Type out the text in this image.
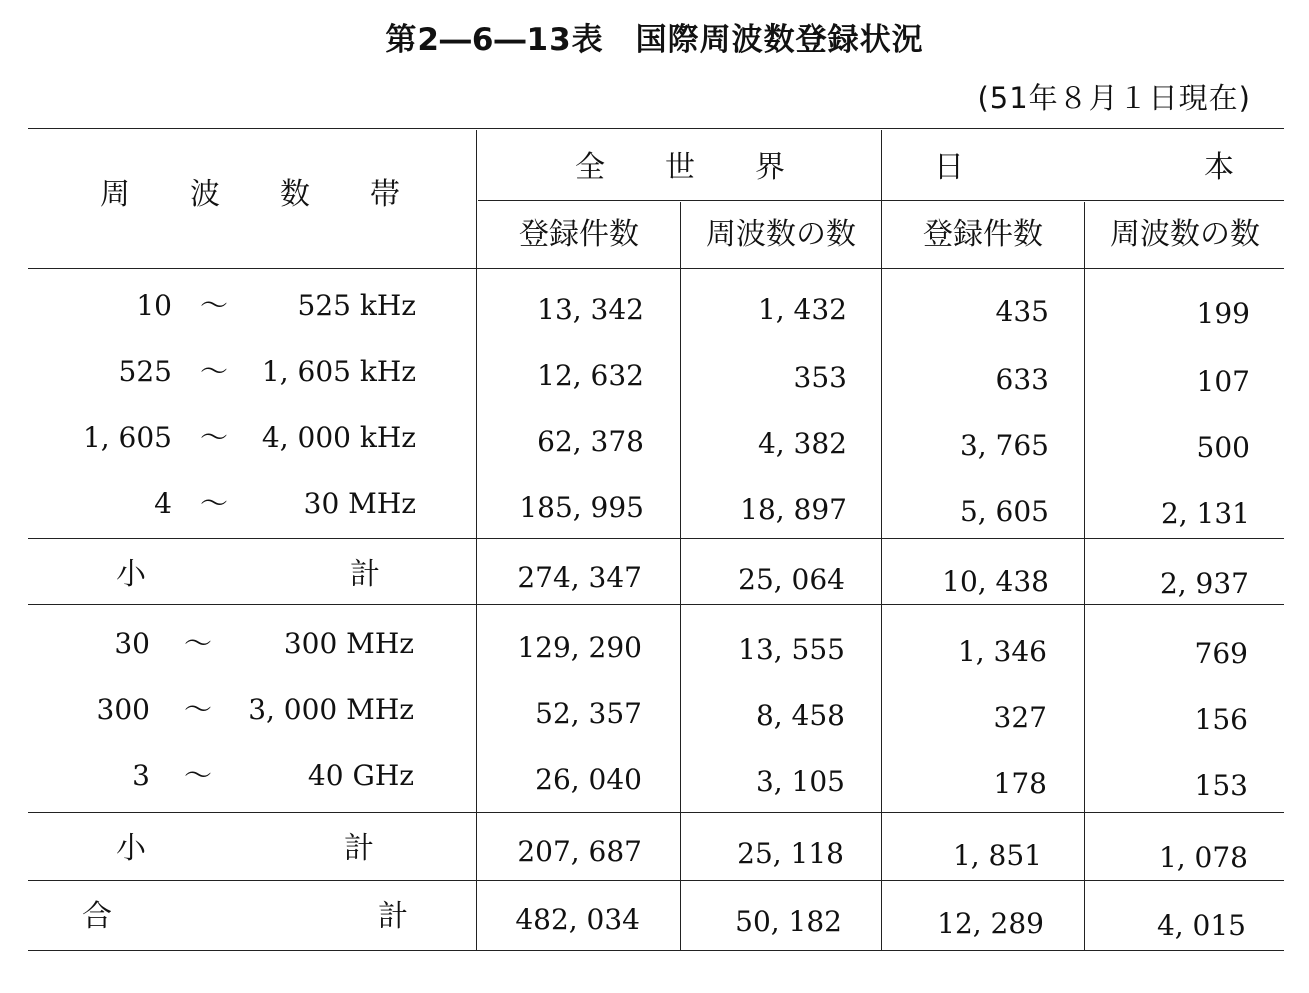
第2―6―13表　国際周波数登録状況
(51年８月１日現在)
周　　波　　数　　帯
全　　世　　界	日　　　　　　　　本
登録件数	周波数の数	登録件数	周波数の数
10 ～	525 kHz	13, 342	1, 432	435	199
525 ～	1, 605 kHz	12, 632	353	633	107
1, 605 ～	4, 000 kHz	62, 378	4, 382	3, 765	500
4 ～	30 MHz	185, 995	18, 897	5, 605	2, 131
小	計	274, 347	25, 064	10, 438	2, 937
30 ～	300 MHz	129, 290	13, 555	1, 346	769
300 ～	3, 000 MHz	52, 357	8, 458	327	156
3 ～	40 GHz	26, 040	3, 105	178	153
小	計	207, 687	25, 118	1, 851	1, 078
合	計	482, 034	50, 182	12, 289	4, 015
